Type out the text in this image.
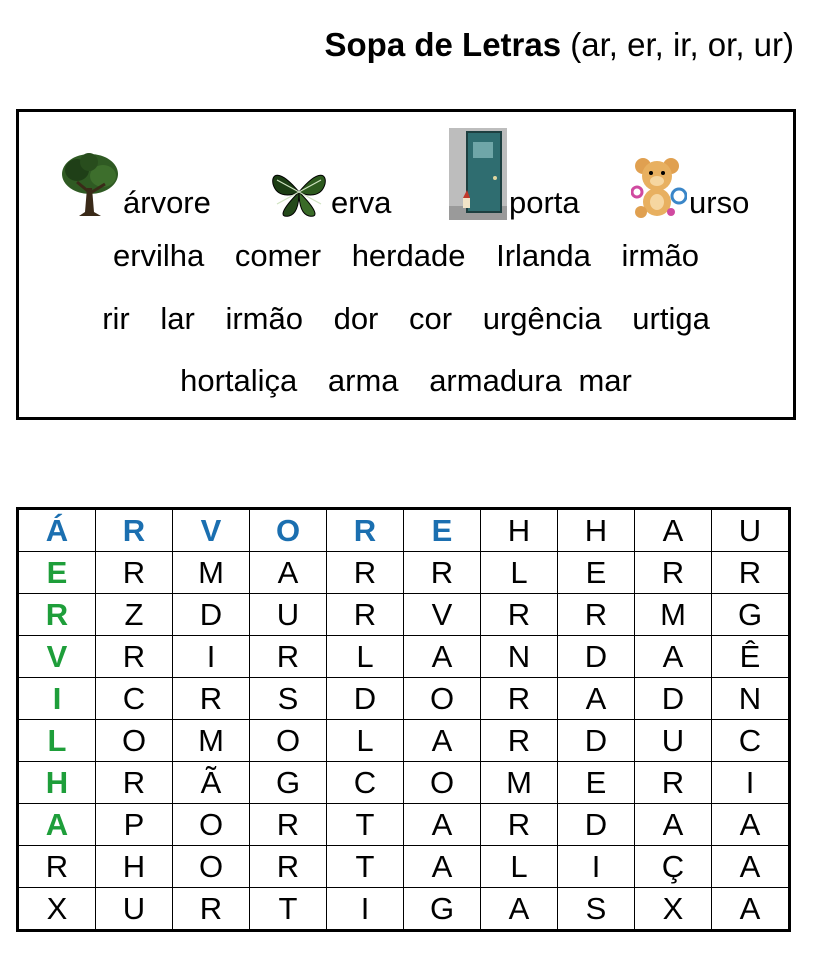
Sopa de Letras (ar, er, ir, or, ur)
árvore	erva	porta	urso
ervilha comer herdade Irlanda irmão
rir lar irmão dor cor urgência urtiga
hortaliça arma armadura mar
Á	R	V	O	R	E	H	H	A	U
E	R	M	A	R	R	L	E	R	R
R	Z	D	U	R	V	R	R	M	G
V	R	I	R	L	A	N	D	A	Ê
I	C	R	S	D	O	R	A	D	N
L	O	M	O	L	A	R	D	U	C
H	R	Ã	G	C	O	M	E	R	I
A	P	O	R	T	A	R	D	A	A
R	H	O	R	T	A	L	I	Ç	A
X	U	R	T	I	G	A	S	X	A
